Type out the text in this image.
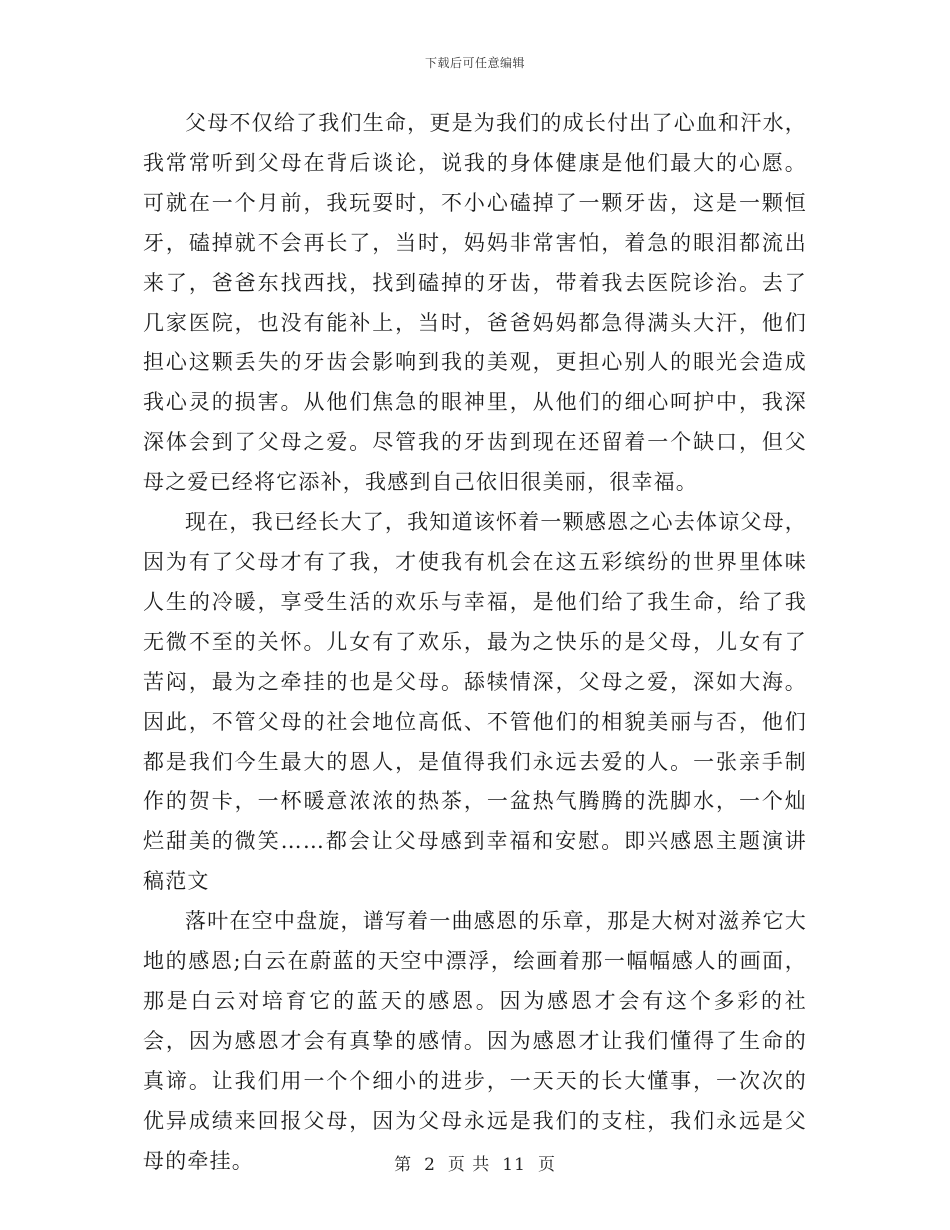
下载后可任意编辑

父母不仅给了我们生命，更是为我们的成长付出了心血和汗水，我常常听到父母在背后谈论，说我的身体健康是他们最大的心愿。可就在一个月前，我玩耍时，不小心磕掉了一颗牙齿，这是一颗恒牙，磕掉就不会再长了，当时，妈妈非常害怕，着急的眼泪都流出来了，爸爸东找西找，找到磕掉的牙齿，带着我去医院诊治。去了几家医院，也没有能补上，当时，爸爸妈妈都急得满头大汗，他们担心这颗丢失的牙齿会影响到我的美观，更担心别人的眼光会造成我心灵的损害。从他们焦急的眼神里，从他们的细心呵护中，我深深体会到了父母之爱。尽管我的牙齿到现在还留着一个缺口，但父母之爱已经将它添补，我感到自己依旧很美丽，很幸福。

现在，我已经长大了，我知道该怀着一颗感恩之心去体谅父母，因为有了父母才有了我，才使我有机会在这五彩缤纷的世界里体味人生的冷暖，享受生活的欢乐与幸福，是他们给了我生命，给了我无微不至的关怀。儿女有了欢乐，最为之快乐的是父母，儿女有了苦闷，最为之牵挂的也是父母。舔犊情深，父母之爱，深如大海。因此，不管父母的社会地位高低、不管他们的相貌美丽与否，他们都是我们今生最大的恩人，是值得我们永远去爱的人。一张亲手制作的贺卡，一杯暖意浓浓的热茶，一盆热气腾腾的洗脚水，一个灿烂甜美的微笑……都会让父母感到幸福和安慰。即兴感恩主题演讲稿范文

落叶在空中盘旋，谱写着一曲感恩的乐章，那是大树对滋养它大地的感恩;白云在蔚蓝的天空中漂浮，绘画着那一幅幅感人的画面，那是白云对培育它的蓝天的感恩。因为感恩才会有这个多彩的社会，因为感恩才会有真挚的感情。因为感恩才让我们懂得了生命的真谛。让我们用一个个细小的进步，一天天的长大懂事，一次次的优异成绩来回报父母，因为父母永远是我们的支柱，我们永远是父母的牵挂。	第 2 页 共 11 页
